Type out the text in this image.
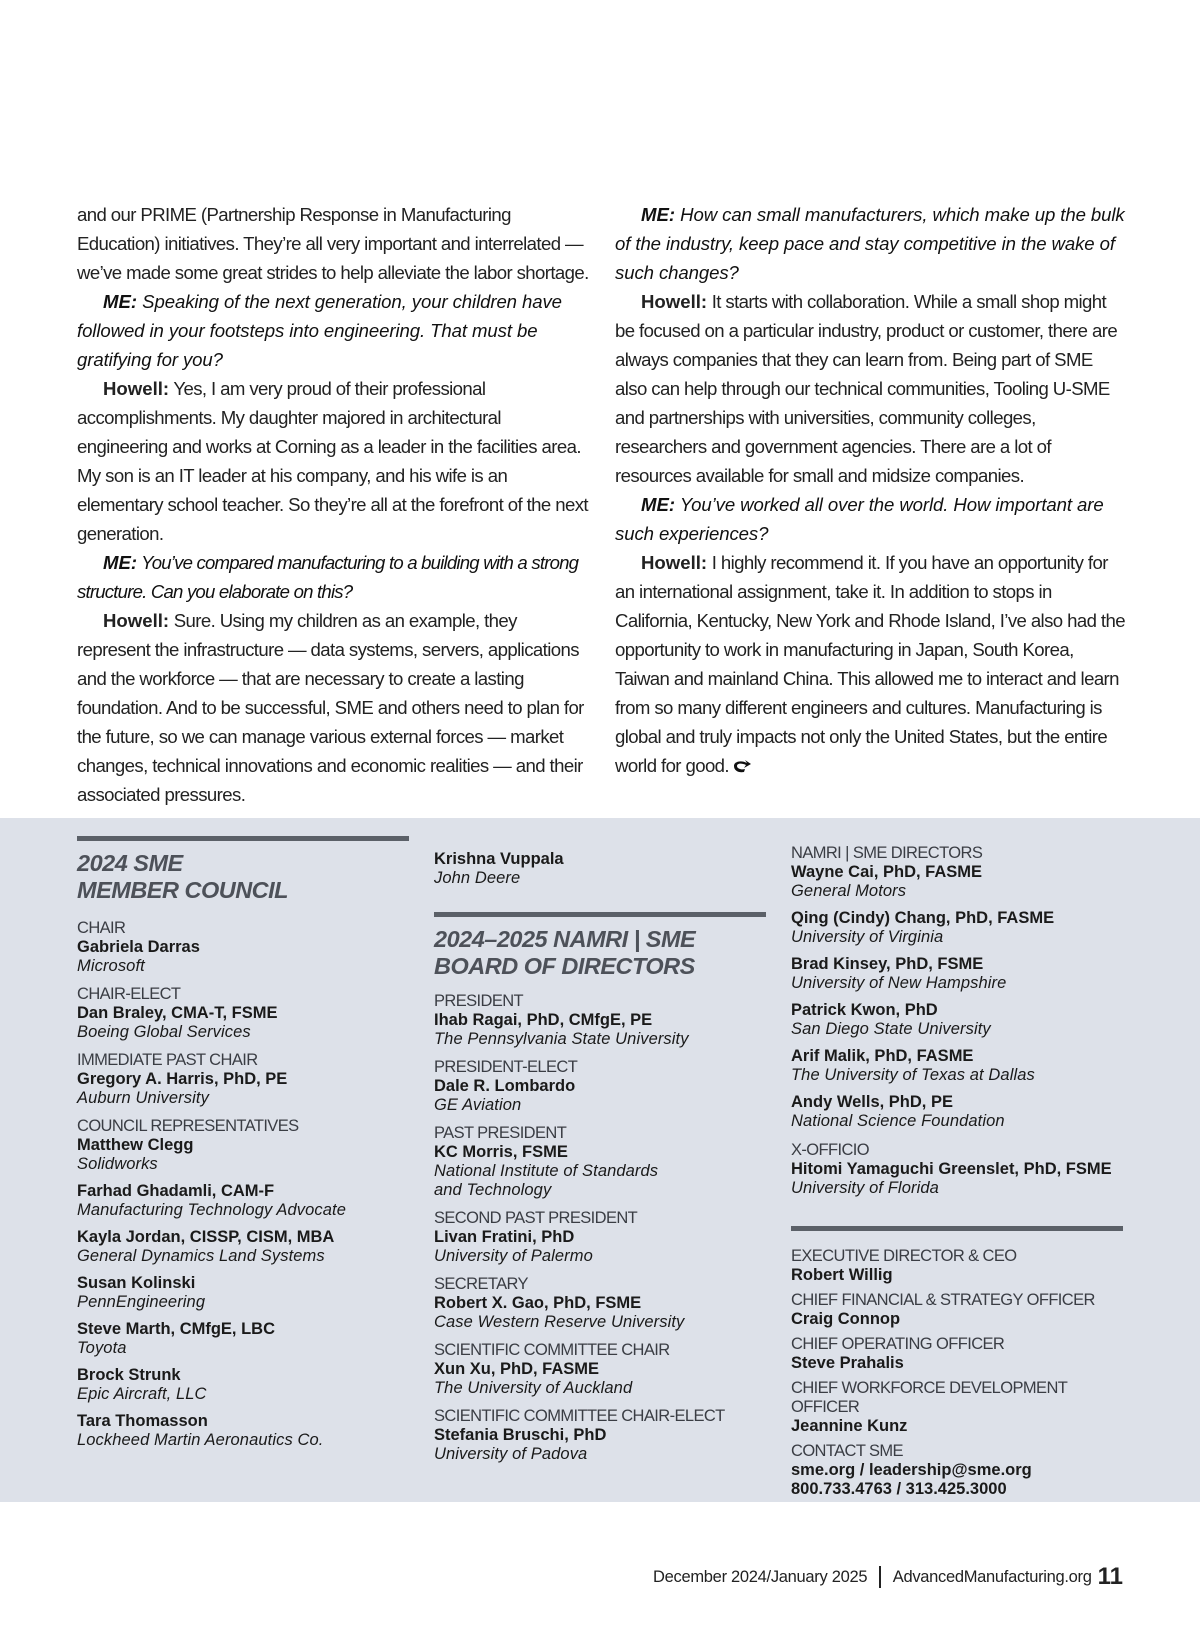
and our PRIME (Partnership Response in Manufacturing Education) initiatives. They’re all very important and interrelated — we’ve made some great strides to help alleviate the labor shortage.

ME: Speaking of the next generation, your children have followed in your footsteps into engineering. That must be gratifying for you?

Howell: Yes, I am very proud of their professional accomplishments. My daughter majored in architectural engineering and works at Corning as a leader in the facilities area. My son is an IT leader at his company, and his wife is an elementary school teacher. So they’re all at the forefront of the next generation.

ME: You’ve compared manufacturing to a building with a strong structure. Can you elaborate on this?

Howell: Sure. Using my children as an example, they represent the infrastructure — data systems, servers, applications and the workforce — that are necessary to create a lasting foundation. And to be successful, SME and others need to plan for the future, so we can manage various external forces — market changes, technical innovations and economic realities — and their associated pressures.

ME: How can small manufacturers, which make up the bulk of the industry, keep pace and stay competitive in the wake of such changes?

Howell: It starts with collaboration. While a small shop might be focused on a particular industry, product or customer, there are always companies that they can learn from. Being part of SME also can help through our technical communities, Tooling U-SME and partnerships with universities, community colleges, researchers and government agencies. There are a lot of resources available for small and midsize companies.

ME: You’ve worked all over the world. How important are such experiences?

Howell: I highly recommend it. If you have an opportunity for an international assignment, take it. In addition to stops in California, Kentucky, New York and Rhode Island, I’ve also had the opportunity to work in manufacturing in Japan, South Korea, Taiwan and mainland China. This allowed me to interact and learn from so many different engineers and cultures. Manufacturing is global and truly impacts not only the United States, but the entire world for good.

2024 SME
MEMBER COUNCIL
CHAIR
Gabriela Darras
Microsoft
CHAIR-ELECT
Dan Braley, CMA-T, FSME
Boeing Global Services
IMMEDIATE PAST CHAIR
Gregory A. Harris, PhD, PE
Auburn University
COUNCIL REPRESENTATIVES
Matthew Clegg
Solidworks
Farhad Ghadamli, CAM-F
Manufacturing Technology Advocate
Kayla Jordan, CISSP, CISM, MBA
General Dynamics Land Systems
Susan Kolinski
PennEngineering
Steve Marth, CMfgE, LBC
Toyota
Brock Strunk
Epic Aircraft, LLC
Tara Thomasson
Lockheed Martin Aeronautics Co.
Krishna Vuppala
John Deere
2024–2025 NAMRI | SME
BOARD OF DIRECTORS
PRESIDENT
Ihab Ragai, PhD, CMfgE, PE
The Pennsylvania State University
PRESIDENT-ELECT
Dale R. Lombardo
GE Aviation
PAST PRESIDENT
KC Morris, FSME
National Institute of Standards
and Technology
SECOND PAST PRESIDENT
Livan Fratini, PhD
University of Palermo
SECRETARY
Robert X. Gao, PhD, FSME
Case Western Reserve University
SCIENTIFIC COMMITTEE CHAIR
Xun Xu, PhD, FASME
The University of Auckland
SCIENTIFIC COMMITTEE CHAIR-ELECT
Stefania Bruschi, PhD
University of Padova
NAMRI | SME DIRECTORS
Wayne Cai, PhD, FASME
General Motors
Qing (Cindy) Chang, PhD, FASME
University of Virginia
Brad Kinsey, PhD, FSME
University of New Hampshire
Patrick Kwon, PhD
San Diego State University
Arif Malik, PhD, FASME
The University of Texas at Dallas
Andy Wells, PhD, PE
National Science Foundation
X-OFFICIO
Hitomi Yamaguchi Greenslet, PhD, FSME
University of Florida
EXECUTIVE DIRECTOR & CEO
Robert Willig
CHIEF FINANCIAL & STRATEGY OFFICER
Craig Connop
CHIEF OPERATING OFFICER
Steve Prahalis
CHIEF WORKFORCE DEVELOPMENT OFFICER
Jeannine Kunz
CONTACT SME
sme.org / leadership@sme.org
800.733.4763 / 313.425.3000
December 2024/January 2025 AdvancedManufacturing.org 11
